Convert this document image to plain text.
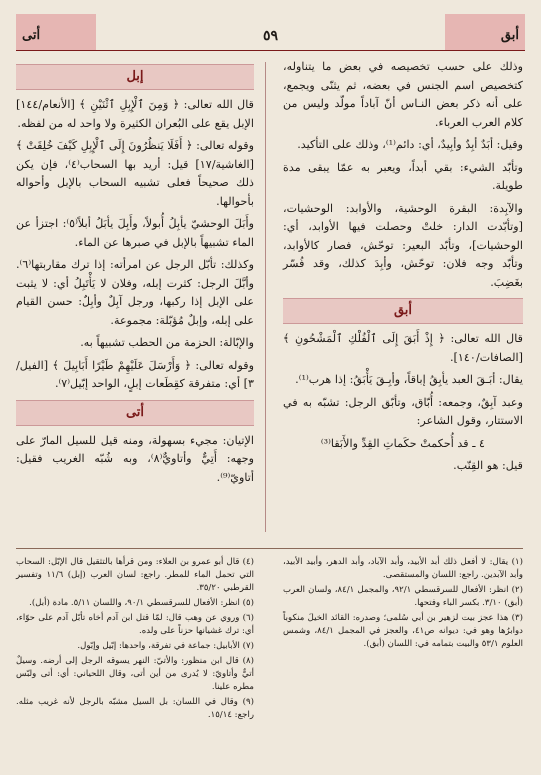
أبق
٥٩
أتى

وذلك على حسب تخصيصه في بعض ما يتناوله، كتخصيص اسم الجنس في بعضه، ثم يثنّى ويجمع، على أنه ذكر بعض النـاس أنّ آباداً مولّد وليس من كلام العرب العرباء.

وقيل: أبَدٌ أبِدٌ وأبِيدٌ، أي: دائم⁽¹⁾، وذلك على التأكيد.

وتأبّد الشيء: بقي أبداً، ويعبر به عمّا يبقى مدة طويلة.

والآبِدة: البقرة الوحشية، والأوابد: الوحشيات، [وتأبّدت الدار: خلتْ وحصلت فيها الأوابد، أي: الوحشيات]، وتأبّد البعير: توحّش، فصار كالأوابد، وتأبّد وجه فلان: توحّش، وأبِدَ كذلك، وقد فُسّر بغَضِبَ.

أبق

قال الله تعالى: ﴿ إِذْ أَبَقَ إِلَى ٱلْفُلْكِ ٱلْمَشْحُونِ ﴾ [الصافات/١٤٠].

يقال: أبَـقَ العبد يأبِقُ إباقاً، وأبِـقَ يَأْبَقُ: إذا هرب⁽¹⁾.

وعبد آبِقٌ، وجمعه: أُبّاق، وتأبّق الرجل: تشبّه به في الاستتار، وقول الشاعر:

٤ ـ قد أُحكمتْ حكَماتِ القِدِّ والأَبَقا⁽³⁾

قيل: هو القِنّب.

إبل

قال الله تعالى: ﴿ وَمِنَ ٱلْإِبِلِ ٱثْنَيْنِ ﴾ [الأنعام/١٤٤] الإبل يقع على البُعران الكثيرة ولا واحد له من لفظه.

وقوله تعالى: ﴿ أَفَلَا يَنظُرُونَ إِلَى ٱلْإِبِلِ كَيْفَ خُلِقَتْ ﴾ [الغاشية/١٧] قيل: أريد بها السحاب⁽٤⁾، فإن يكن ذلك صحيحاً فعلى تشبيه السحاب بالإبل وأحواله بأحوالها.

وأَبَلَ الوحشيّ يأبِلُ أُبولاً، وأَبِلَ يأبَلُ أبلاً⁽٥⁾: اجتزأ عن الماء تشبيهاً بالإبل في صبرها عن الماء.

وكذلك: تأبّل الرجل عن امرأته: إذا ترك مقاربتها⁽٦⁾. وأبَّلَ الرجل: كثرت إبله، وفلان لا يَأْتَبِلُ أي: لا يثبت على الإبل إذا ركبها، ورجل آبِلٌ وأبِلٌ: حسن القيام على إبله، وإبلٌ مُؤبّلة: مجموعة.

والإبّالة: الحزمة من الحطب تشبيهاً به.

وقوله تعالى: ﴿ وَأَرْسَلَ عَلَيْهِمْ طَيْرًا أَبَابِيلَ ﴾ [الفيل/٣] أي: متفرقة كقِطَعات إبلٍ، الواحد إبّيل⁽٧⁾.

أتى

الإتيان: مجيء بسهولة، ومنه قيل للسيل المارّ على وجهه: أَتِيٌّ وأتاويٌّ⁽٨⁾، وبه شُبّه الغريب فقيل: أتاويّ⁽⁹⁾.

(١) يقال: لا أفعل ذلك أبد الأبيد، وأبد الآباد، وأبد الدهر، وأبيد الأبيد، وأبد الآبدين. راجع: اللسان والمستقصى.
(٢) انظر: الأفعال للسرقسطي ٩٢/١، والمجمل ٨٤/١، ولسان العرب (أبق) ٣/١٠. بكسر الباء وفتحها.
(٣) هذا عجز بيت لزهير بن أبي سُلمى؛ وصدره: القائد الخيلَ منكوباً دوابرُها وهو في: ديوانه ص٤١، والعجز في المجمل ٨٤/١، وشمس العلوم ٥٣/١ والبيت بتمامه في: اللسان (أبق).
(٤) قال أبو عمرو بن العلاء: ومن قرأها بالتثقيل قال الإبّل: السحاب التي تحمل الماء للمطر. راجع: لسان العرب (إبل) ١١/٦ وتفسير القرطبي ٣٥/٢٠.
(٥) انظر: الأفعال للسرقسطي ٩٠/١، واللسان ٥/١١. مادة (أبل).
(٦) وروي عن وهب قال: لمّا قتل ابن آدم أخاه تأبّل آدم على حوّاء، أي: ترك غشيانها حزناً على ولده.
(٧) الأبابيل: جماعة في تفرقة، واحدها: إبّيل وإبّول.
(٨) قال ابن منظور: والأتيّ: النهر يسوقه الرجل إلى أرضه. وسيلٌ أتيٌّ وأتاويّ: لا يُدرى من أين أتى، وقال اللحياني: أي: أتى ولبّس مطره علينا.
(٩) وقال في اللسان: بل السيل مشبّه بالرجل لأنه غريب مثله. راجع: ١٥/١٤.
